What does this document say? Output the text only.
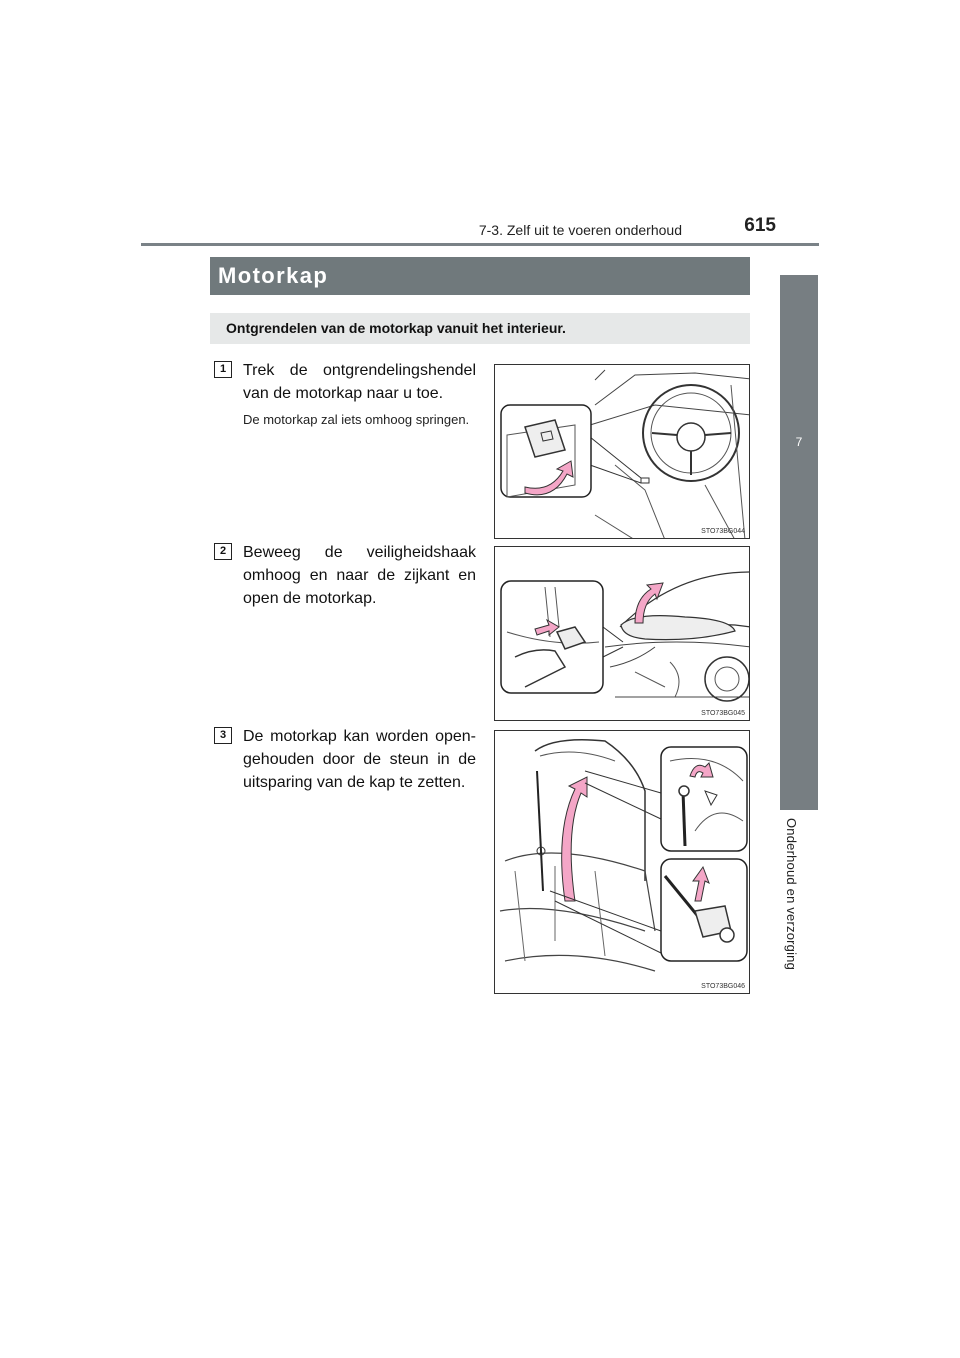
7-3. Zelf uit te voeren onderhoud	615
7
Onderhoud en verzorging
Motorkap
Ontgrendelen van de motorkap vanuit het interieur.
1	Trek de ontgrendelingshendel van de motorkap naar u toe.
De motorkap zal iets omhoog springen.
STO73BG044
2	Beweeg de veiligheidshaak omhoog en naar de zijkant en open de motorkap.
STO73BG045
3	De motorkap kan worden open-gehouden door de steun in de uitsparing van de kap te zetten.
STO73BG046
